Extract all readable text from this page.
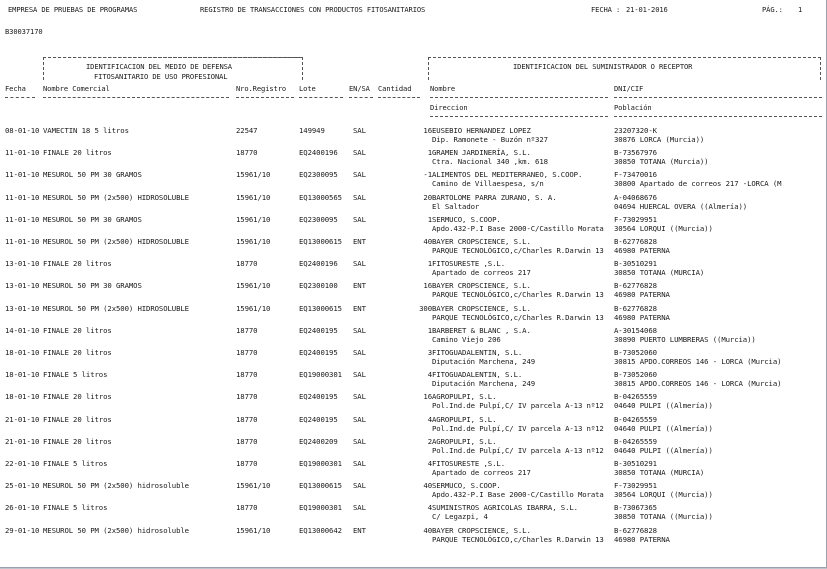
EMPRESA DE PRUEBAS DE PROGRAMAS	REGISTRO DE TRANSACCIONES CON PRODUCTOS FITOSANITARIOS	FECHA : 21-01-2016	PÁG.: 1
B30037170
IDENTIFICACION DEL MEDIO DE DEFENSA
FITOSANITARIO DE USO PROFESIONAL
IDENTIFICACION DEL SUMINISTRADOR O RECEPTOR
Fecha Nombre Comercial	Nro.Registro Lote	EN/SA Cantidad	Nombre	DNI/CIF
Direccion	Población
08-01-10 VAMECTIN 18 5 litros	22547	149949	SAL	16 EUSEBIO HERNANDEZ LOPEZ	23207320-K
Dip. Ramonete - Buzón nº327	30876 LORCA (Murcia))
11-01-10 FINALE 20 litros	18770	EQ2400196 SAL	1 GRAMEN JARDINERÍA, S.L.	B-73567976
Ctra. Nacional 340 ,km. 618	30850 TOTANA (Murcia))
11-01-10 MESUROL 50 PM 30 GRAMOS	15961/10	EQ2300095 SAL	-1 ALIMENTOS DEL MEDITERRANEO, S.COOP.	F-73470016
Camino de Villaespesa, s/n	30800 Apartado de correos 217 -LORCA (M
11-01-10 MESUROL 50 PM (2x500) HIDROSOLUBLE	15961/10	EQ13000565 SAL	20 BARTOLOME PARRA ZURANO, S. A.	A-04068676
El Saltador	04694 HUERCAL OVERA ((Almería))
11-01-10 MESUROL 50 PM 30 GRAMOS	15961/10	EQ2300095 SAL	1 SERMUCO, S.COOP.	F-73029951
Apdo.432-P.I Base 2000-C/Castillo Morata 30564 LORQUI ((Murcia))
11-01-10 MESUROL 50 PM (2x500) HIDROSOLUBLE	15961/10	EQ13000615 ENT	40 BAYER CROPSCIENCE, S.L.	B-62776828
PARQUE TECNOLÓGICO,c/Charles R.Darwin 13 46980 PATERNA
13-01-10 FINALE 20 litros	18770	EQ2400196 SAL	1 FITOSURESTE ,S.L.	B-30510291
Apartado de correos 217	30850 TOTANA (MURCIA)
13-01-10 MESUROL 50 PM 30 GRAMOS	15961/10	EQ2300100 ENT	16 BAYER CROPSCIENCE, S.L.	B-62776828
PARQUE TECNOLÓGICO,c/Charles R.Darwin 13 46980 PATERNA
13-01-10 MESUROL 50 PM (2x500) HIDROSOLUBLE	15961/10	EQ13000615 ENT	300 BAYER CROPSCIENCE, S.L.	B-62776828
PARQUE TECNOLÓGICO,c/Charles R.Darwin 13 46980 PATERNA
14-01-10 FINALE 20 litros	18770	EQ2400195 SAL	1 BARBERET & BLANC , S.A.	A-30154068
Camino Viejo 206	30890 PUERTO LUMBRERAS ((Murcia))
18-01-10 FINALE 20 litros	18770	EQ2400195 SAL	3 FITOGUADALENTIN, S.L.	B-73052060
Diputación Marchena, 249	30815 APDO.CORREOS 146 - LORCA (Murcia)
18-01-10 FINALE 5 litros	18770	EQ19000301 SAL	4 FITOGUADALENTIN, S.L.	B-73052060
Diputación Marchena, 249	30815 APDO.CORREOS 146 - LORCA (Murcia)
18-01-10 FINALE 20 litros	18770	EQ2400195 SAL	16 AGROPULPI, S.L.	B-04265559
Pol.Ind.de Pulpí,C/ IV parcela A-13 nº12 04640 PULPI ((Almería))
21-01-10 FINALE 20 litros	18770	EQ2400195 SAL	4 AGROPULPI, S.L.	B-04265559
Pol.Ind.de Pulpí,C/ IV parcela A-13 nº12 04640 PULPI ((Almería))
21-01-10 FINALE 20 litros	18770	EQ2400209 SAL	2 AGROPULPI, S.L.	B-04265559
Pol.Ind.de Pulpí,C/ IV parcela A-13 nº12 04640 PULPI ((Almería))
22-01-10 FINALE 5 litros	18770	EQ19000301 SAL	4 FITOSURESTE ,S.L.	B-30510291
Apartado de correos 217	30850 TOTANA (MURCIA)
25-01-10 MESUROL 50 PM (2x500) hidrosoluble	15961/10	EQ13000615 SAL	40 SERMUCO, S.COOP.	F-73029951
Apdo.432-P.I Base 2000-C/Castillo Morata 30564 LORQUI ((Murcia))
26-01-10 FINALE 5 litros	18770	EQ19000301 SAL	4 SUMINISTROS AGRICOLAS IBARRA, S.L.	B-73067365
C/ Legazpi, 4	30850 TOTANA ((Murcia))
29-01-10 MESUROL 50 PM (2x500) hidrosoluble	15961/10	EQ13000642 ENT	40 BAYER CROPSCIENCE, S.L.	B-62776828
PARQUE TECNOLÓGICO,c/Charles R.Darwin 13 46980 PATERNA
